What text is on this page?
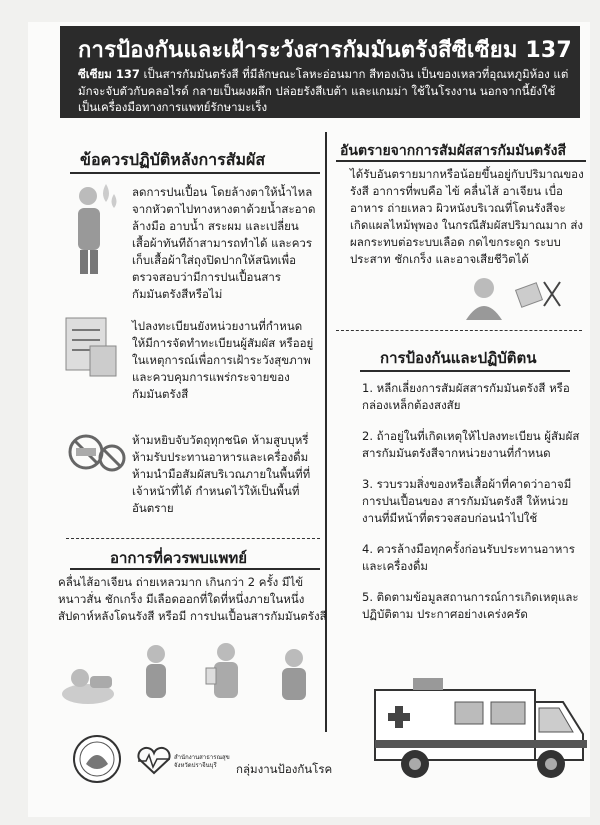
การป้องกันและเฝ้าระวังสารกัมมันตรังสีซีเซียม 137
ซีเซียม 137 เป็นสารกัมมันตรังสี ที่มีลักษณะโลหะอ่อนมาก สีทองเงิน เป็นของเหลวที่อุณหภูมิห้อง แต่มักจะจับตัวกับคลอไรด์ กลายเป็นผงผลึก ปล่อยรังสีเบต้า และแกมม่า ใช้ในโรงงาน นอกจากนี้ยังใช้เป็นเครื่องมือทางการแพทย์รักษามะเร็ง
ข้อควรปฏิบัติหลังการสัมผัส
ลดการปนเปื้อน โดยล้างตาให้น้ำไหลจากหัวตาไปทางหางตาด้วยน้ำสะอาด ล้างมือ อาบน้ำ สระผม และเปลี่ยนเสื้อผ้าทันทีถ้าสามารถทำได้ และควรเก็บเสื้อผ้าใส่ถุงปิดปากให้สนิทเพื่อตรวจสอบว่ามีการปนเปื้อนสารกัมมันตรังสีหรือไม่
ไปลงทะเบียนยังหน่วยงานที่กำหนด ให้มีการจัดทำทะเบียนผู้สัมผัส หรืออยู่ในเหตุการณ์เพื่อการเฝ้าระวังสุขภาพและควบคุมการแพร่กระจายของกัมมันตรังสี
ห้ามหยิบจับวัตถุทุกชนิด ห้ามสูบบุหรี่ ห้ามรับประทานอาหารและเครื่องดื่ม ห้ามนำมือสัมผัสบริเวณภายในพื้นที่ที่เจ้าหน้าที่ได้ กำหนดไว้ให้เป็นพื้นที่อันตราย
อาการที่ควรพบแพทย์
คลื่นไส้อาเจียน ถ่ายเหลวมาก เกินกว่า 2 ครั้ง มีไข้ หนาวสั่น ชักเกร็ง มีเลือดออกที่ใดที่หนึ่งภายในหนึ่งสัปดาห์หลังโดนรังสี หรือมี การปนเปื้อนสารกัมมันตรังสี
อันตรายจากการสัมผัสสารกัมมันตรังสี
ได้รับอันตรายมากหรือน้อยขึ้นอยู่กับปริมาณของรังสี อาการที่พบคือ ไข้ คลื่นไส้ อาเจียน เบื่ออาหาร ถ่ายเหลว ผิวหนังบริเวณที่โดนรังสีจะเกิดแผลไหม้พุพอง ในกรณีสัมผัสปริมาณมาก ส่งผลกระทบต่อระบบเลือด กดไขกระดูก ระบบประสาท ชักเกร็ง และอาจเสียชีวิตได้
การป้องกันและปฏิบัติตน

1. หลีกเลี่ยงการสัมผัสสารกัมมันตรังสี หรือกล่องเหล็กต้องสงสัย

2. ถ้าอยู่ในที่เกิดเหตุให้ไปลงทะเบียน ผู้สัมผัสสารกัมมันตรังสีจากหน่วยงานที่กำหนด

3. รวบรวมสิ่งของหรือเสื้อผ้าที่คาดว่าอาจมีการปนเปื้อนของ สารกัมมันตรังสี ให้หน่วยงานที่มีหน้าที่ตรวจสอบก่อนนำไปใช้

4. ควรล้างมือทุกครั้งก่อนรับประทานอาหารและเครื่องดื่ม

5. ติดตามข้อมูลสถานการณ์การเกิดเหตุและปฏิบัติตาม ประกาศอย่างเคร่งครัด

สำนักงานสาธารณสุขจังหวัดปราจีนบุรี	กลุ่มงานป้องกันโรค
